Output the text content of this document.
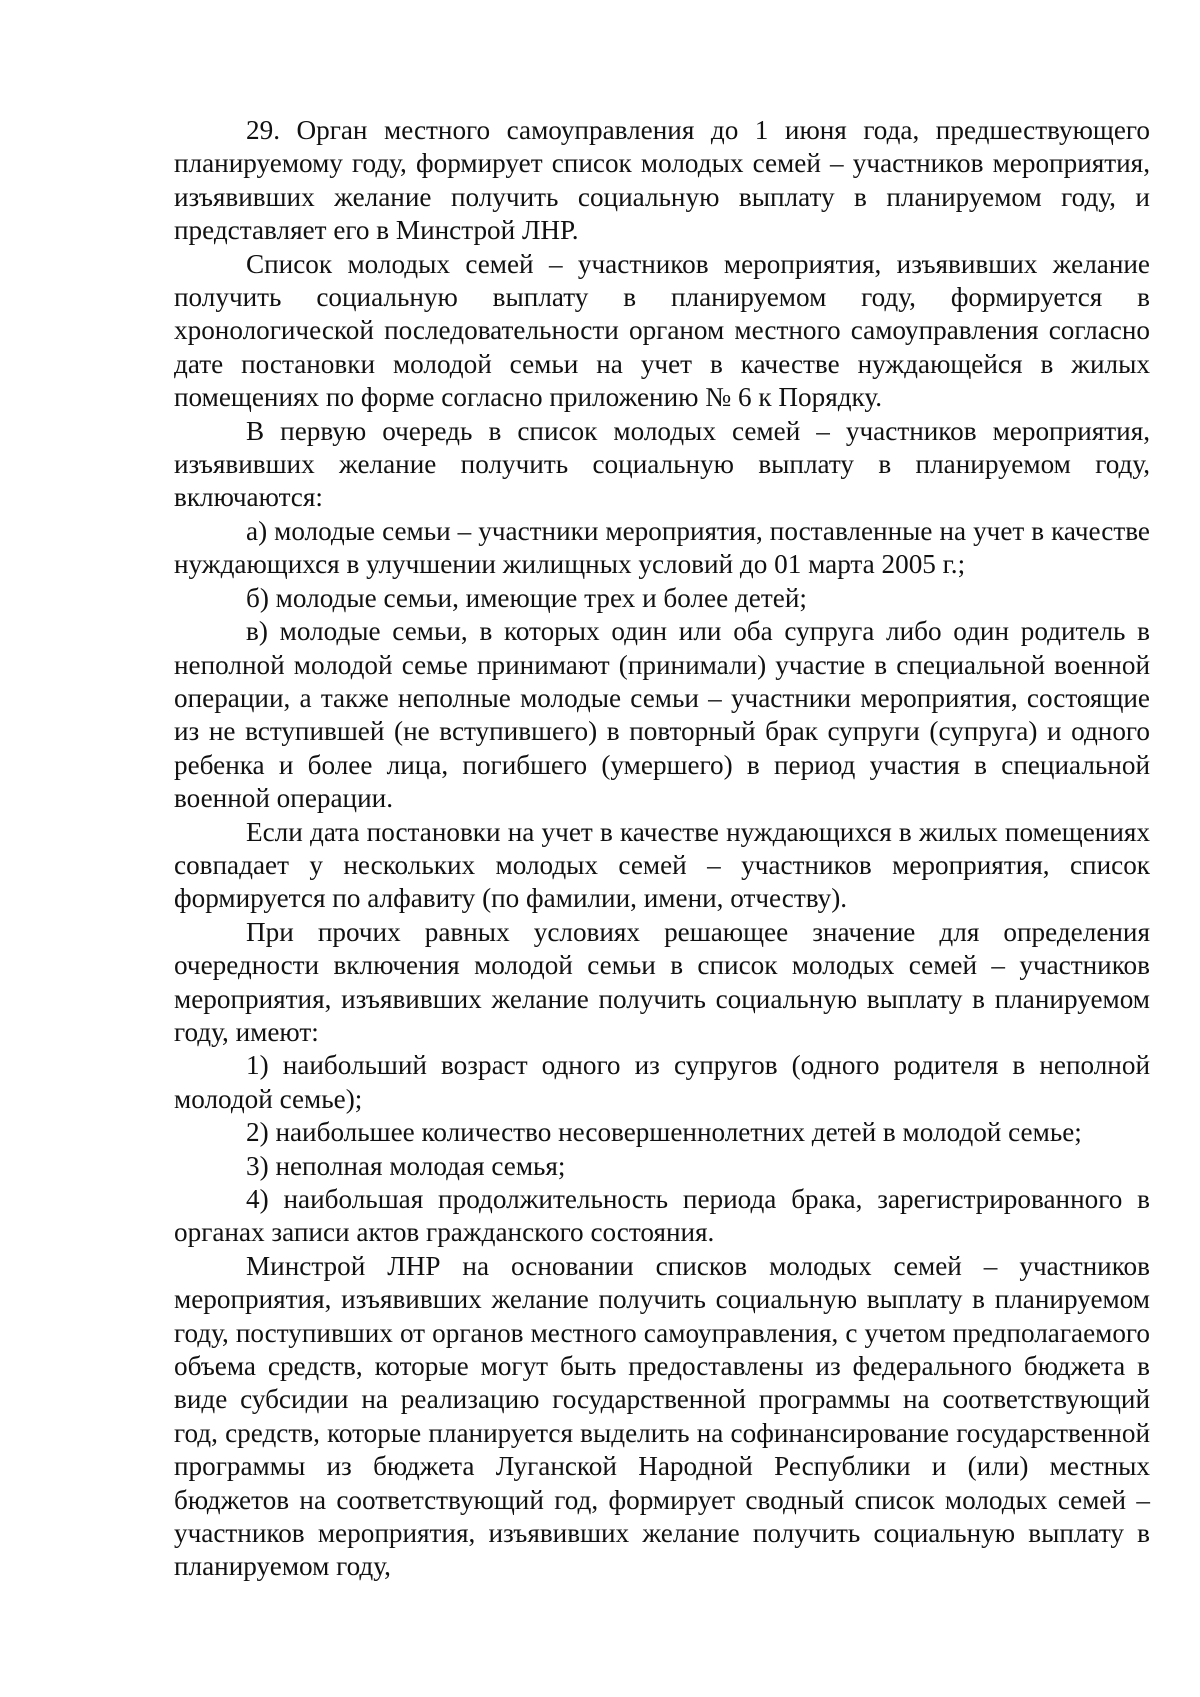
29. Орган местного самоуправления до 1 июня года, предшествующего планируемому году, формирует список молодых семей – участников мероприятия, изъявивших желание получить социальную выплату в планируемом году, и представляет его в Минстрой ЛНР.

Список молодых семей – участников мероприятия, изъявивших желание получить социальную выплату в планируемом году, формируется в хронологической последовательности органом местного самоуправления согласно дате постановки молодой семьи на учет в качестве нуждающейся в жилых помещениях по форме согласно приложению № 6 к Порядку.

В первую очередь в список молодых семей – участников мероприятия, изъявивших желание получить социальную выплату в планируемом году, включаются:

а) молодые семьи – участники мероприятия, поставленные на учет в качестве нуждающихся в улучшении жилищных условий до 01 марта 2005 г.;

б) молодые семьи, имеющие трех и более детей;

в) молодые семьи, в которых один или оба супруга либо один родитель в неполной молодой семье принимают (принимали) участие в специальной военной операции, а также неполные молодые семьи – участники мероприятия, состоящие из не вступившей (не вступившего) в повторный брак супруги (супруга) и одного ребенка и более лица, погибшего (умершего) в период участия в специальной военной операции.

Если дата постановки на учет в качестве нуждающихся в жилых помещениях совпадает у нескольких молодых семей – участников мероприятия, список формируется по алфавиту (по фамилии, имени, отчеству).

При прочих равных условиях решающее значение для определения очередности включения молодой семьи в список молодых семей – участников мероприятия, изъявивших желание получить социальную выплату в планируемом году, имеют:

1) наибольший возраст одного из супругов (одного родителя в неполной молодой семье);

2) наибольшее количество несовершеннолетних детей в молодой семье;

3) неполная молодая семья;

4) наибольшая продолжительность периода брака, зарегистрированного в органах записи актов гражданского состояния.

Минстрой ЛНР на основании списков молодых семей – участников мероприятия, изъявивших желание получить социальную выплату в планируемом году, поступивших от органов местного самоуправления, с учетом предполагаемого объема средств, которые могут быть предоставлены из федерального бюджета в виде субсидии на реализацию государственной программы на соответствующий год, средств, которые планируется выделить на софинансирование государственной программы из бюджета Луганской Народной Республики и (или) местных бюджетов на соответствующий год, формирует сводный список молодых семей – участников мероприятия, изъявивших желание получить социальную выплату в планируемом году,
